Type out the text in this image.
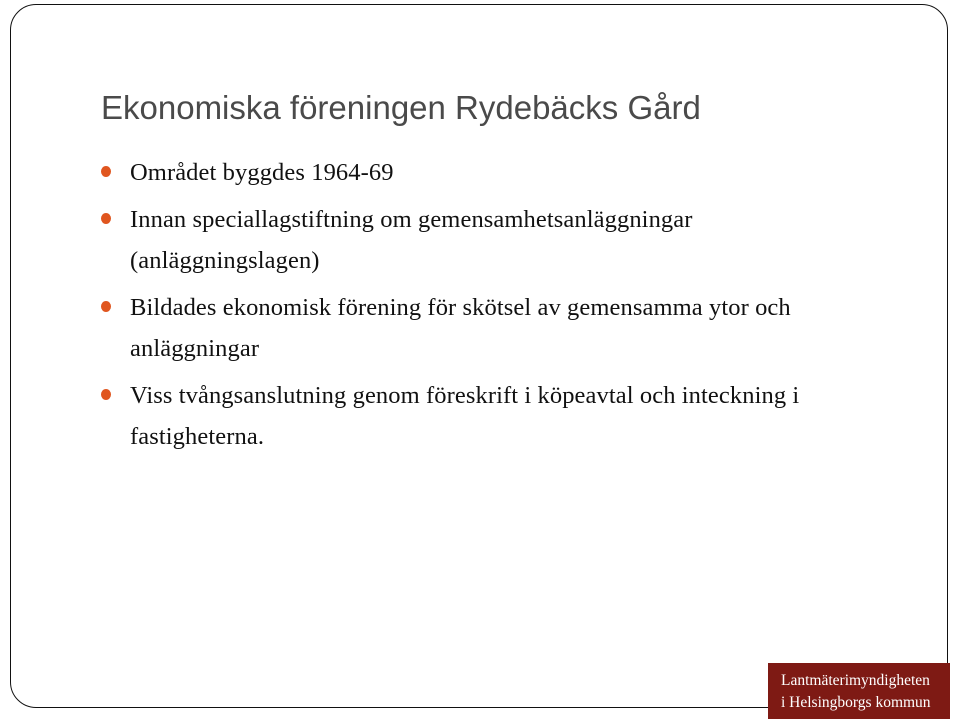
Ekonomiska föreningen Rydebäcks Gård
Området byggdes 1964-69
Innan speciallagstiftning om gemensamhetsanläggningar (anläggningslagen)
Bildades ekonomisk förening för skötsel av gemensamma ytor och anläggningar
Viss tvångsanslutning genom föreskrift i köpeavtal och inteckning i fastigheterna.
Lantmäterimyndigheten
i Helsingborgs kommun
